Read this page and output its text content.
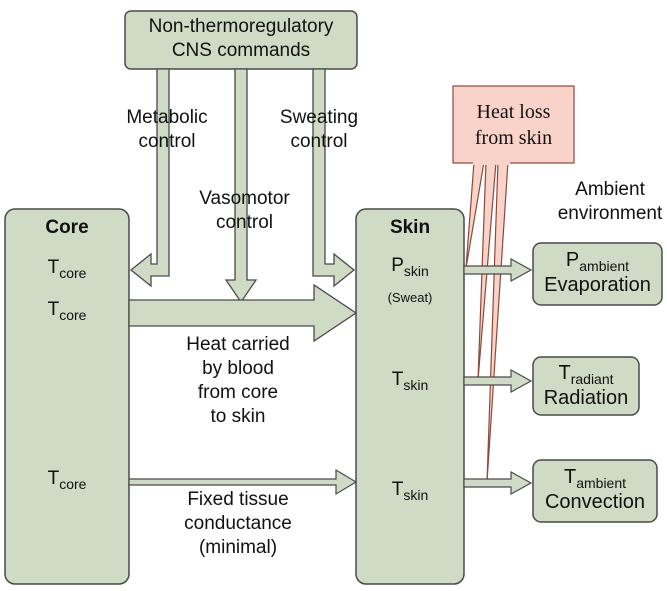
Non-thermoregulatory
CNS commands
Metabolic
control
Vasomotor
control
Sweating
control
Heat loss
from skin
Ambient
environment
Core
$T_{core}$
$T_{core}$
$T_{core}$
Skin
$P_{skin}$
(Sweat)
$T_{skin}$
$T_{skin}$
Heat carried
by blood
from core
to skin
Fixed tissue
conductance
(minimal)
$P_{ambient}$
Evaporation
$T_{radiant}$
Radiation
$T_{ambient}$
Convection
